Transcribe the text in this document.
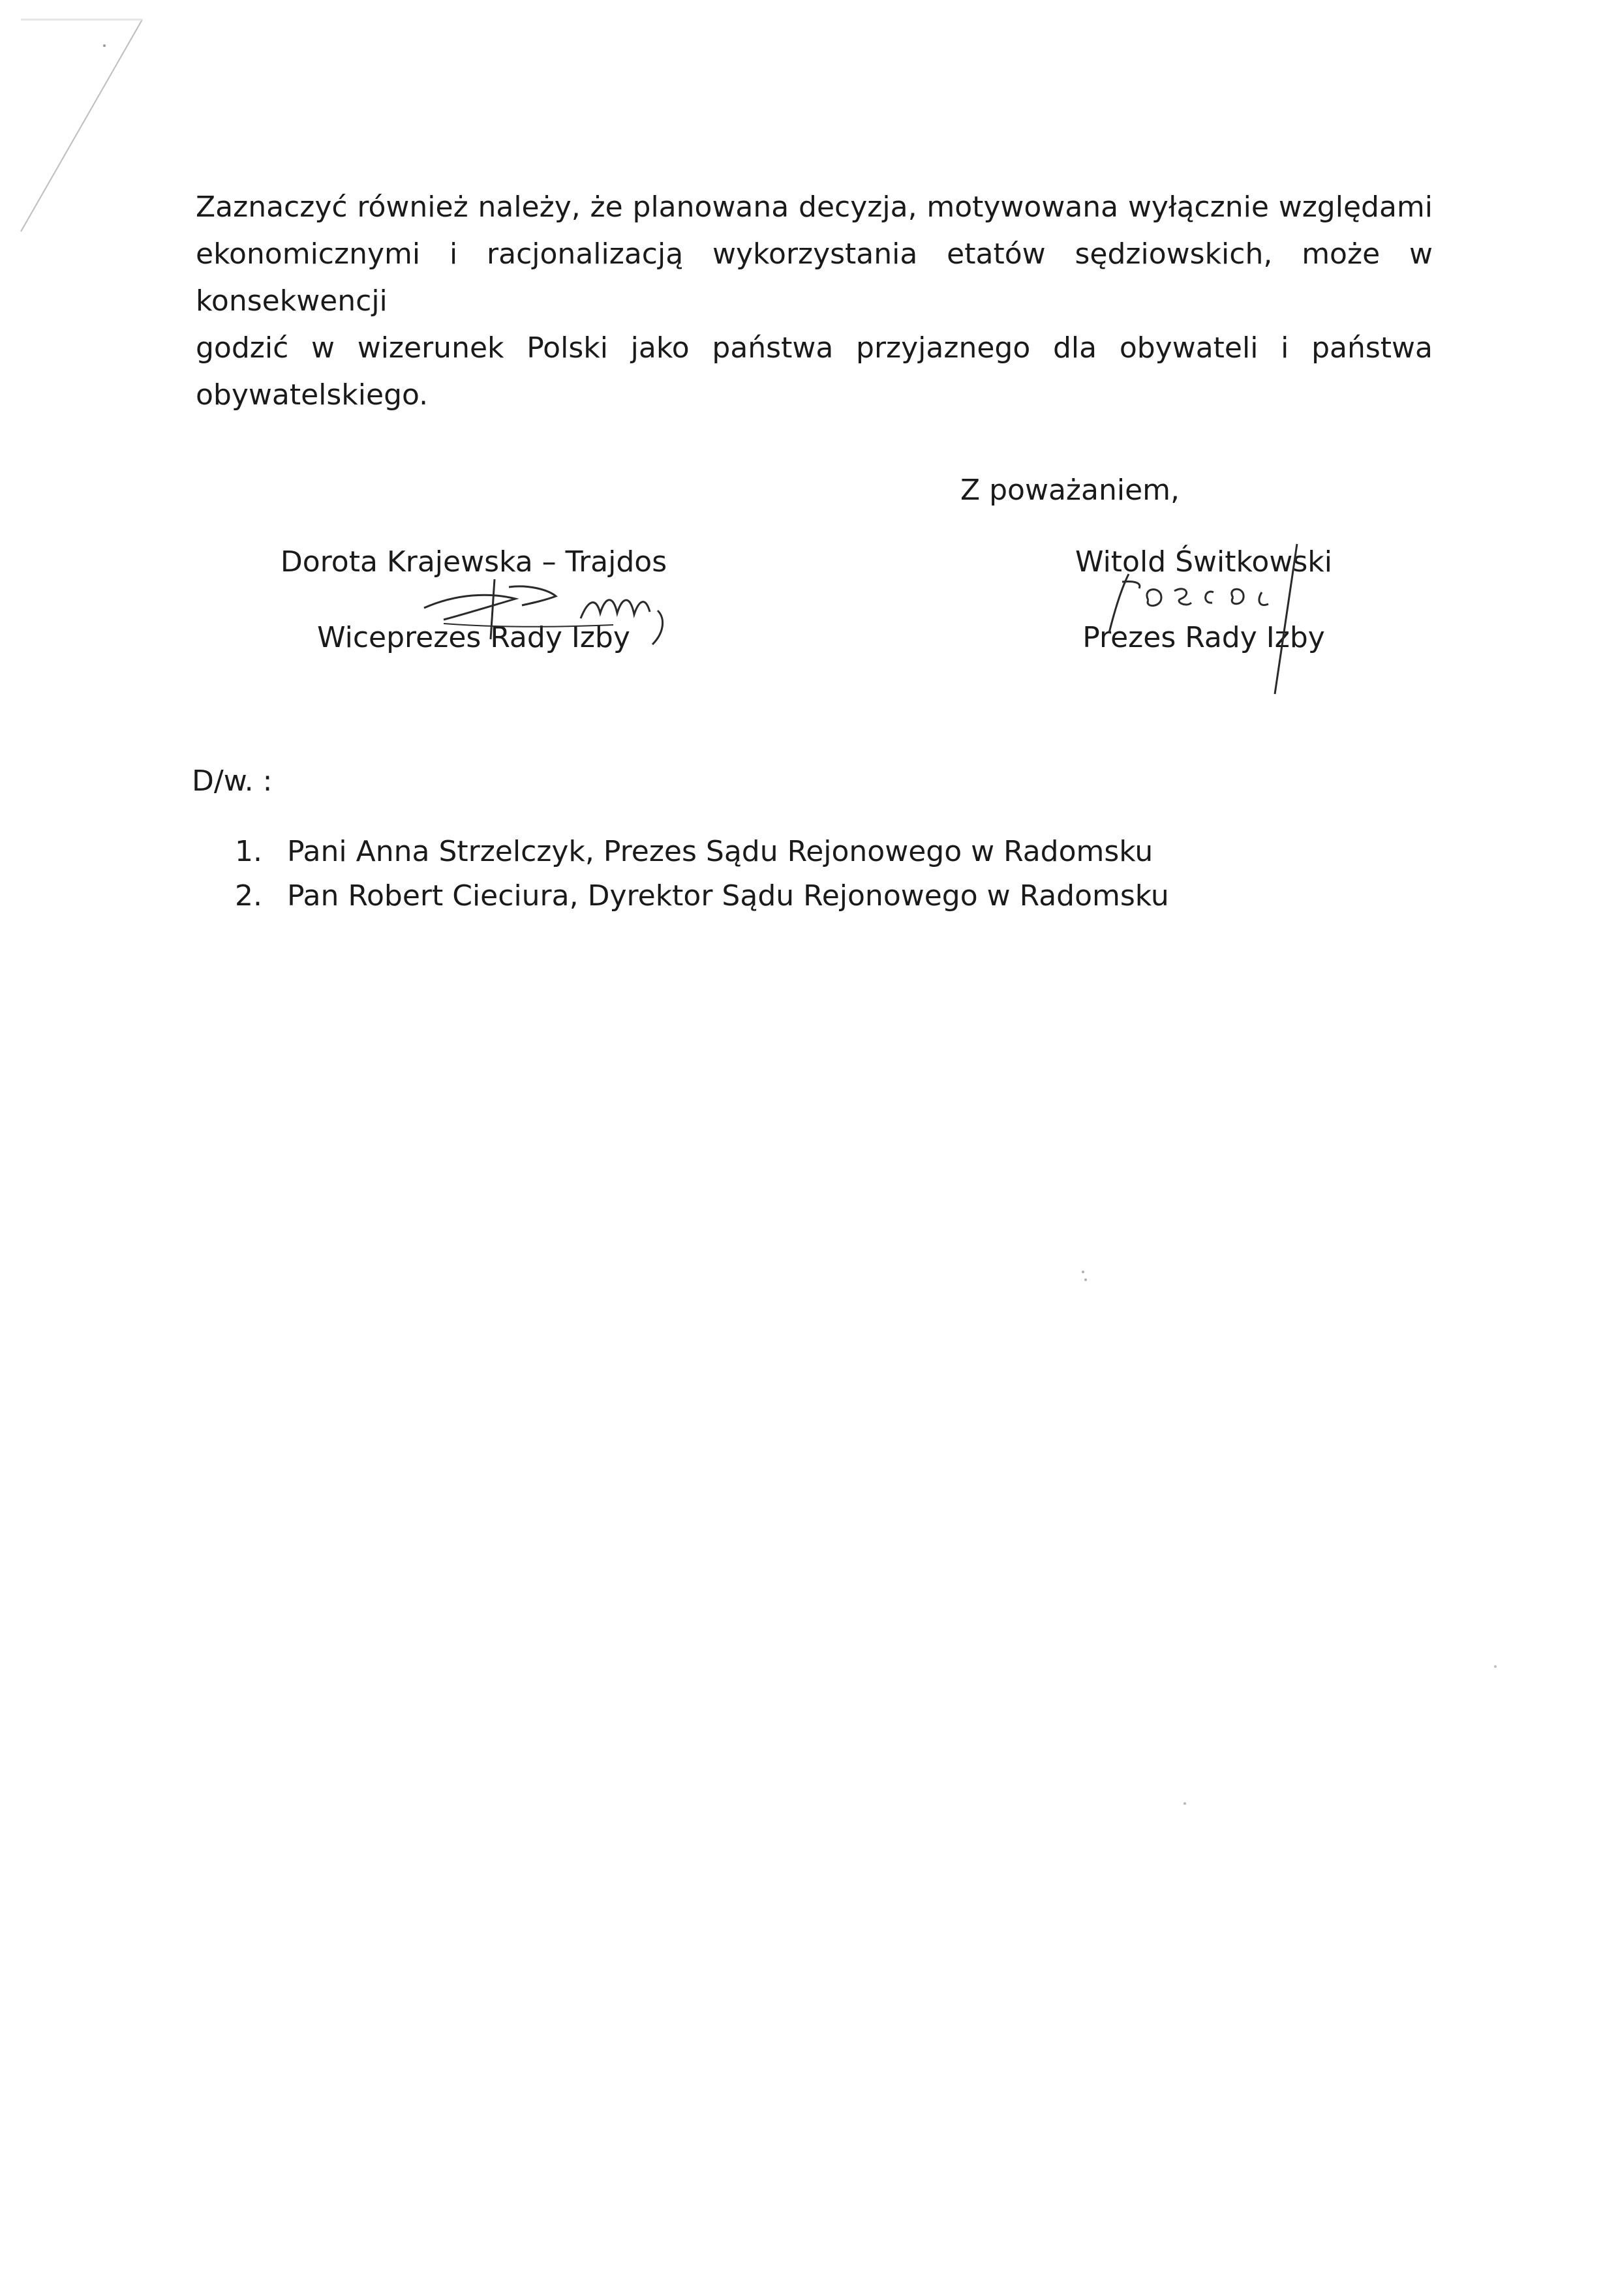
Zaznaczyć również należy, że planowana decyzja, motywowana wyłącznie względami
ekonomicznymi i racjonalizacją wykorzystania etatów sędziowskich, może w konsekwencji
godzić w wizerunek Polski jako państwa przyjaznego dla obywateli i państwa
obywatelskiego.
Z poważaniem,
Dorota Krajewska – Trajdos
Wiceprezes Rady Izby
Witold Świtkowski
Prezes Rady Izby
D/w. :
1. Pani Anna Strzelczyk, Prezes Sądu Rejonowego w Radomsku
2. Pan Robert Cieciura, Dyrektor Sądu Rejonowego w Radomsku
